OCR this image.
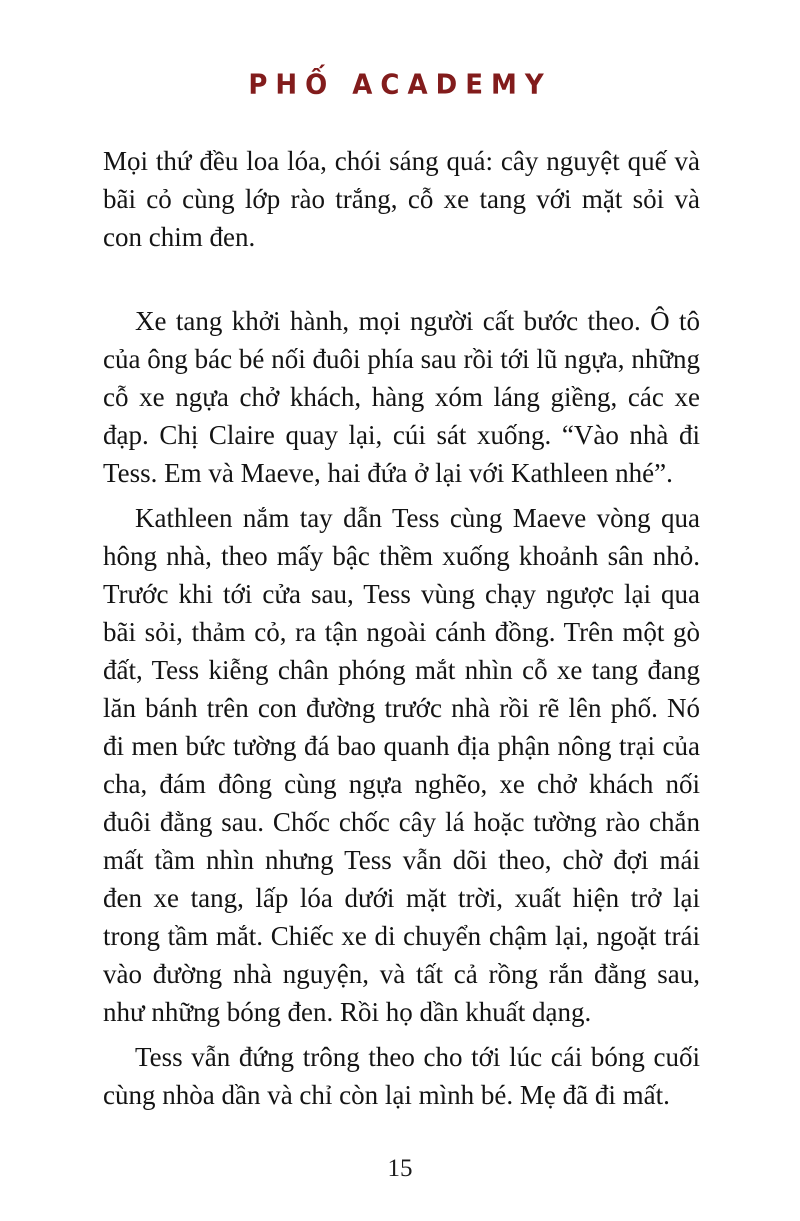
PHỐ ACADEMY

Mọi thứ đều loa lóa, chói sáng quá: cây nguyệt quế và bãi cỏ cùng lớp rào trắng, cỗ xe tang với mặt sỏi và con chim đen.

Xe tang khởi hành, mọi người cất bước theo. Ô tô của ông bác bé nối đuôi phía sau rồi tới lũ ngựa, những cỗ xe ngựa chở khách, hàng xóm láng giềng, các xe đạp. Chị Claire quay lại, cúi sát xuống. “Vào nhà đi Tess. Em và Maeve, hai đứa ở lại với Kathleen nhé”.

Kathleen nắm tay dẫn Tess cùng Maeve vòng qua hông nhà, theo mấy bậc thềm xuống khoảnh sân nhỏ. Trước khi tới cửa sau, Tess vùng chạy ngược lại qua bãi sỏi, thảm cỏ, ra tận ngoài cánh đồng. Trên một gò đất, Tess kiễng chân phóng mắt nhìn cỗ xe tang đang lăn bánh trên con đường trước nhà rồi rẽ lên phố. Nó đi men bức tường đá bao quanh địa phận nông trại của cha, đám đông cùng ngựa nghẽo, xe chở khách nối đuôi đằng sau. Chốc chốc cây lá hoặc tường rào chắn mất tầm nhìn nhưng Tess vẫn dõi theo, chờ đợi mái đen xe tang, lấp lóa dưới mặt trời, xuất hiện trở lại trong tầm mắt. Chiếc xe di chuyển chậm lại, ngoặt trái vào đường nhà nguyện, và tất cả rồng rắn đằng sau, như những bóng đen. Rồi họ dần khuất dạng.

Tess vẫn đứng trông theo cho tới lúc cái bóng cuối cùng nhòa dần và chỉ còn lại mình bé. Mẹ đã đi mất.

15
